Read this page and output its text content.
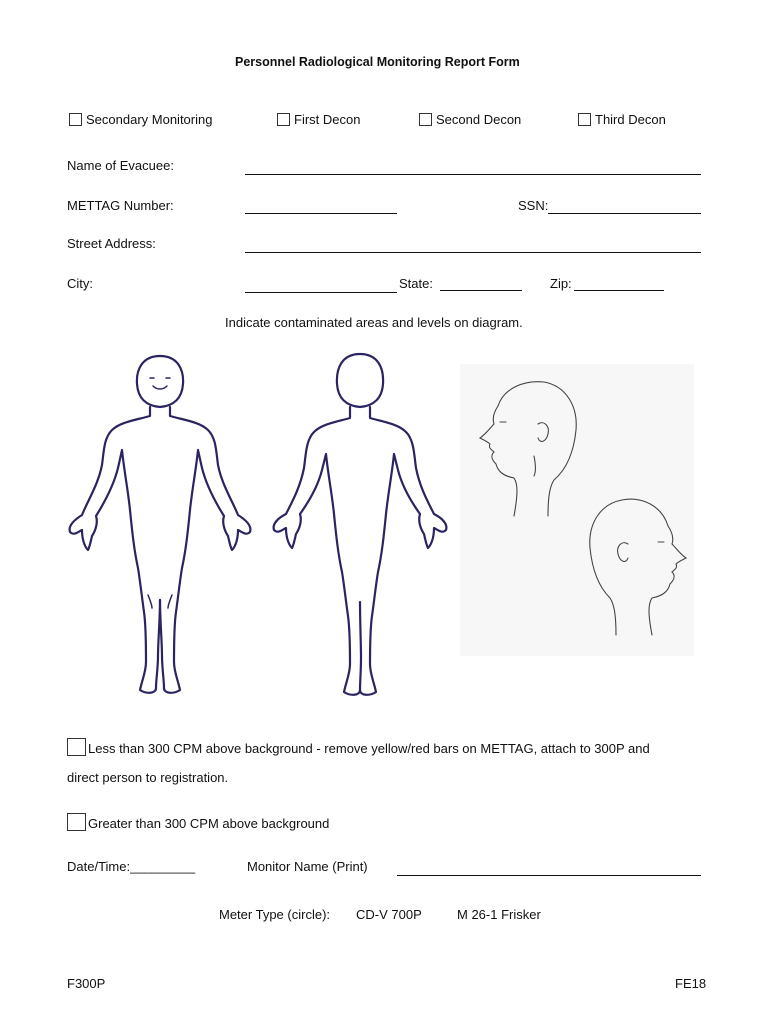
Personnel Radiological Monitoring Report Form
Secondary Monitoring	First Decon	Second Decon	Third Decon
Name of Evacuee:
METTAG Number:	SSN:
Street Address:
City:	State:	Zip:
Indicate contaminated areas and levels on diagram.
Less than 300 CPM above background - remove yellow/red bars on METTAG, attach to 300P and
direct person to registration.
Greater than 300 CPM above background
Date/Time:_________	Monitor Name (Print)
Meter Type (circle): CD-V 700P	M 26-1 Frisker
F300P	FE18
